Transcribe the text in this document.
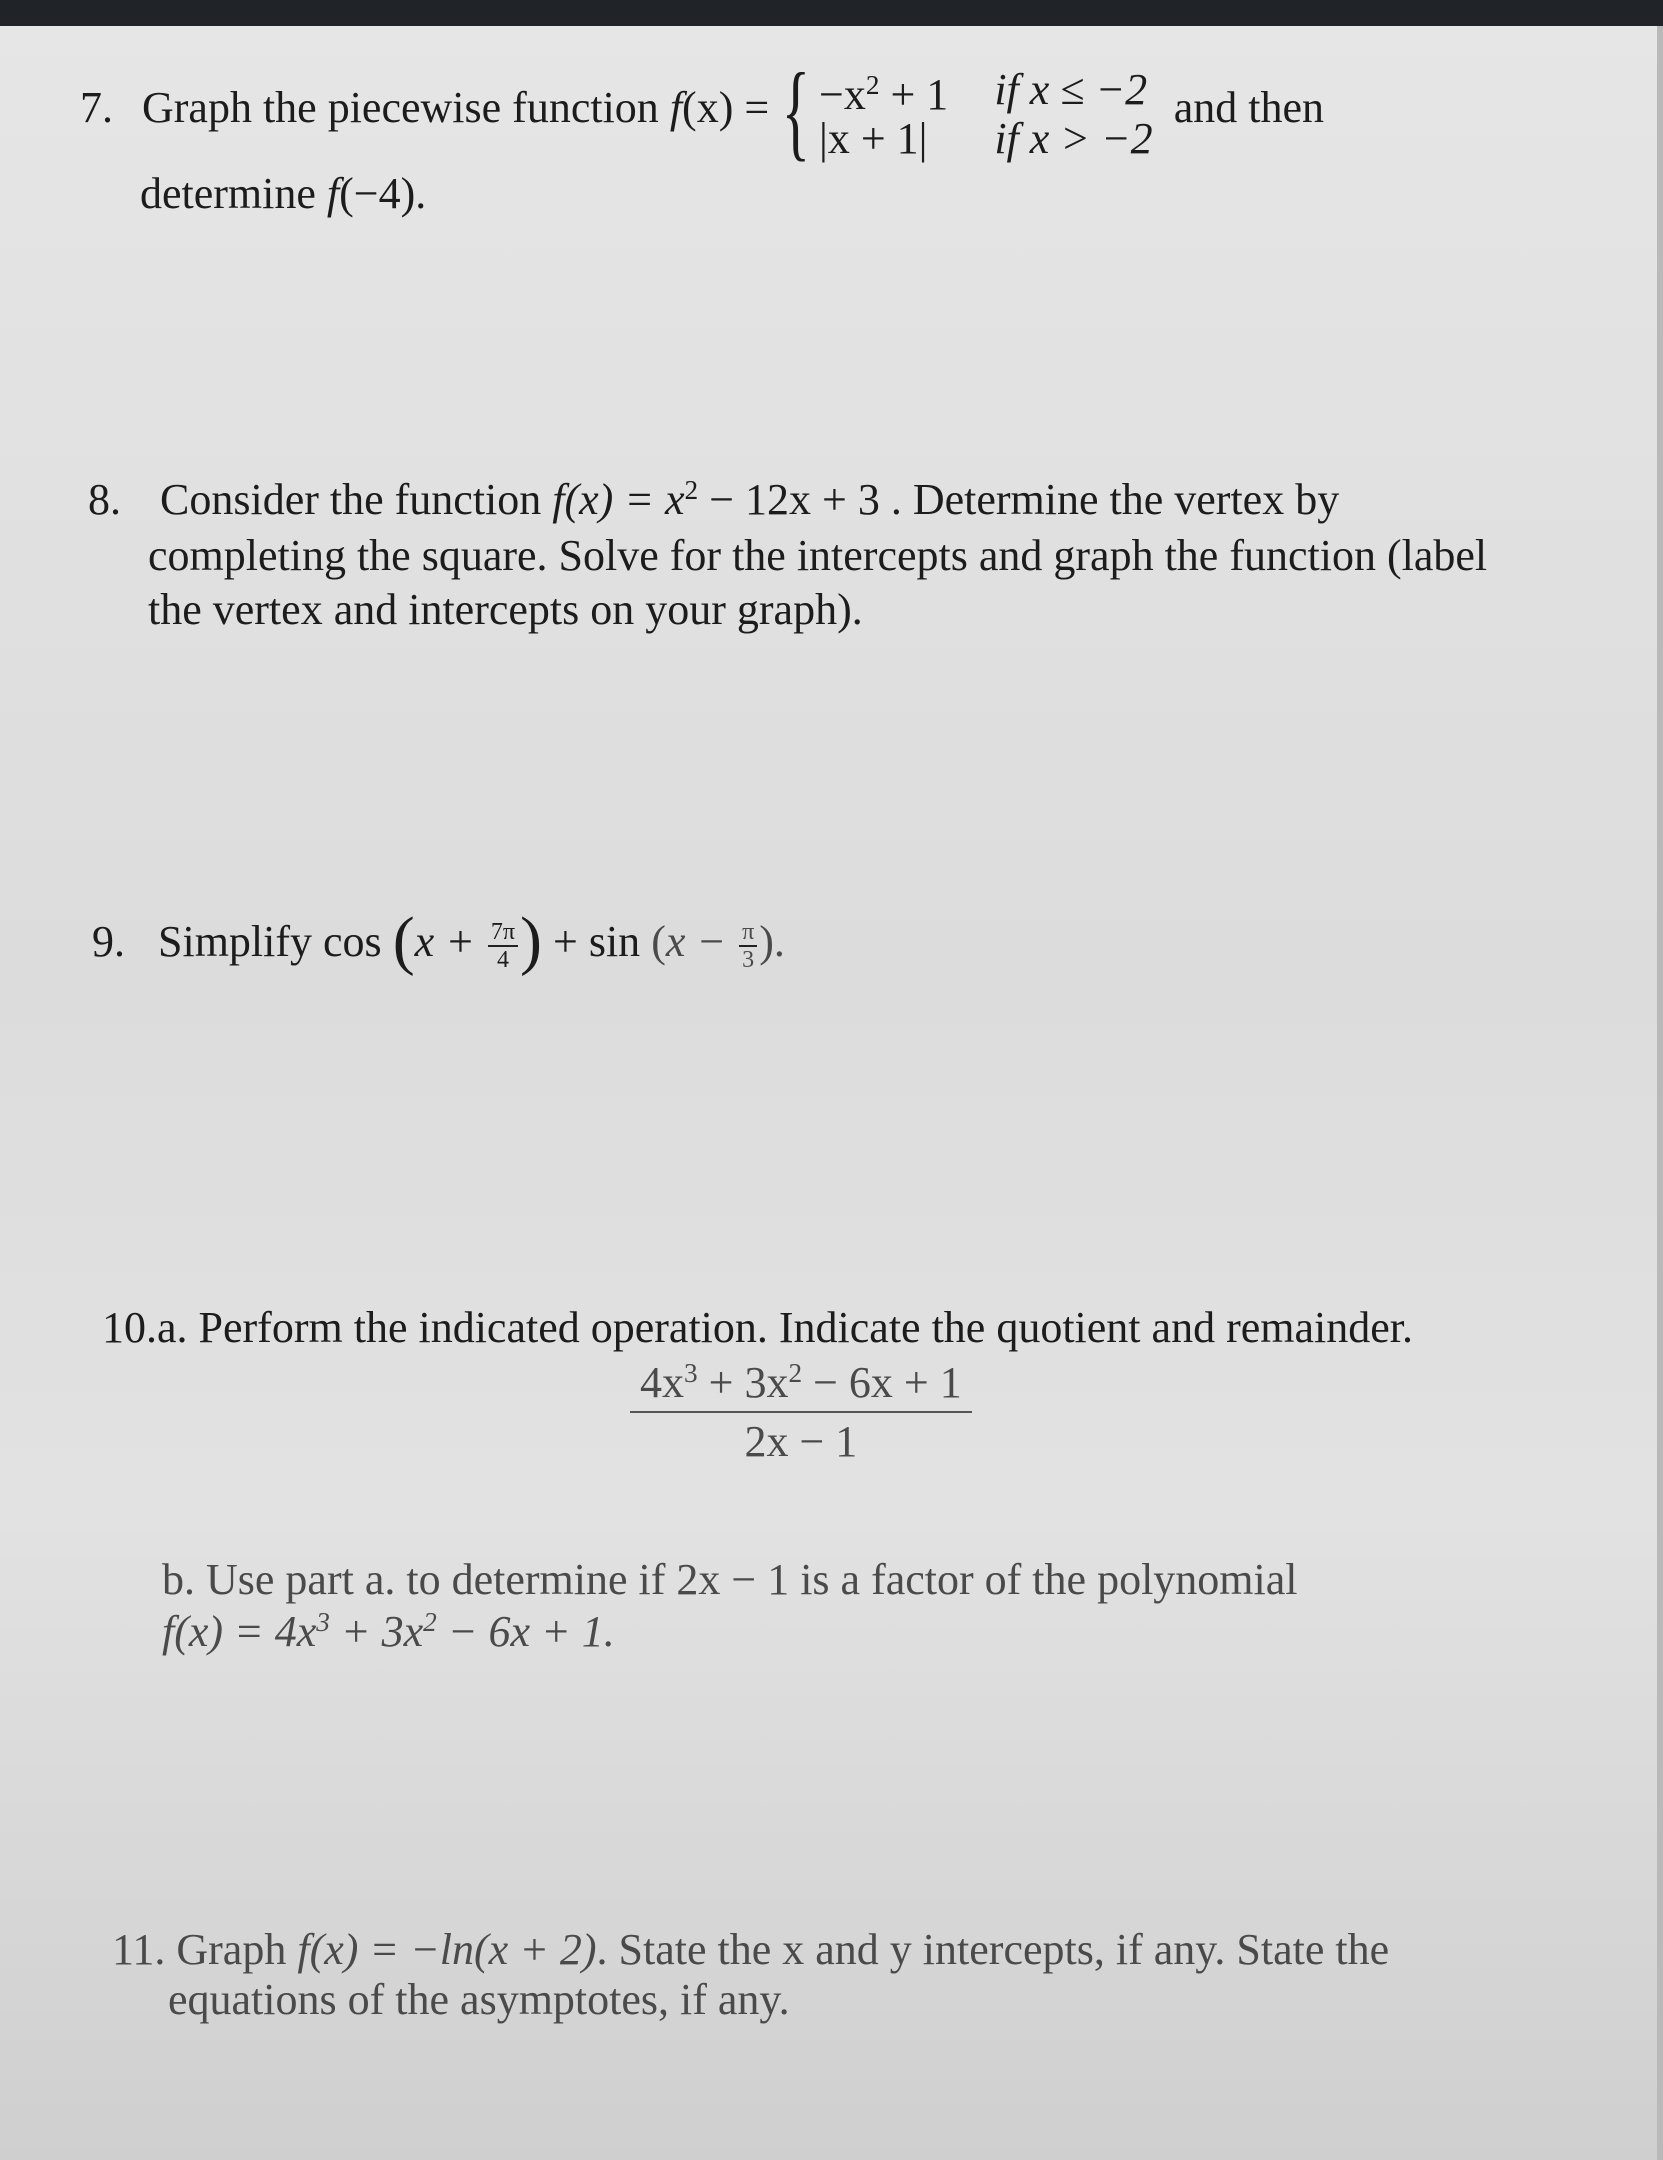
7. Graph the piecewise function f(x) = { $-x^2 + 1$	if x ≤ −2
|x + 1|	if x > −2 and then
determine f(−4).
8. Consider the function $f(x) = x^2 - 12x + 3$ . Determine the vertex by
completing the square. Solve for the intercepts and graph the function (label
the vertex and intercepts on your graph).
9. Simplify $\cos (x + \frac{7\pi}{4}$ ) + $\sin (x - \frac{\pi}{3}$ ).
10.a. Perform the indicated operation. Indicate the quotient and remainder.
$\frac{4x^3 + 3x^2 - 6x + 1}{2x - 1}$
b. Use part a. to determine if 2x − 1 is a factor of the polynomial
$f(x) = 4x^3 + 3x^2 - 6x + 1$.
11. Graph f(x) = −ln(x + 2). State the x and y intercepts, if any. State the
equations of the asymptotes, if any.
